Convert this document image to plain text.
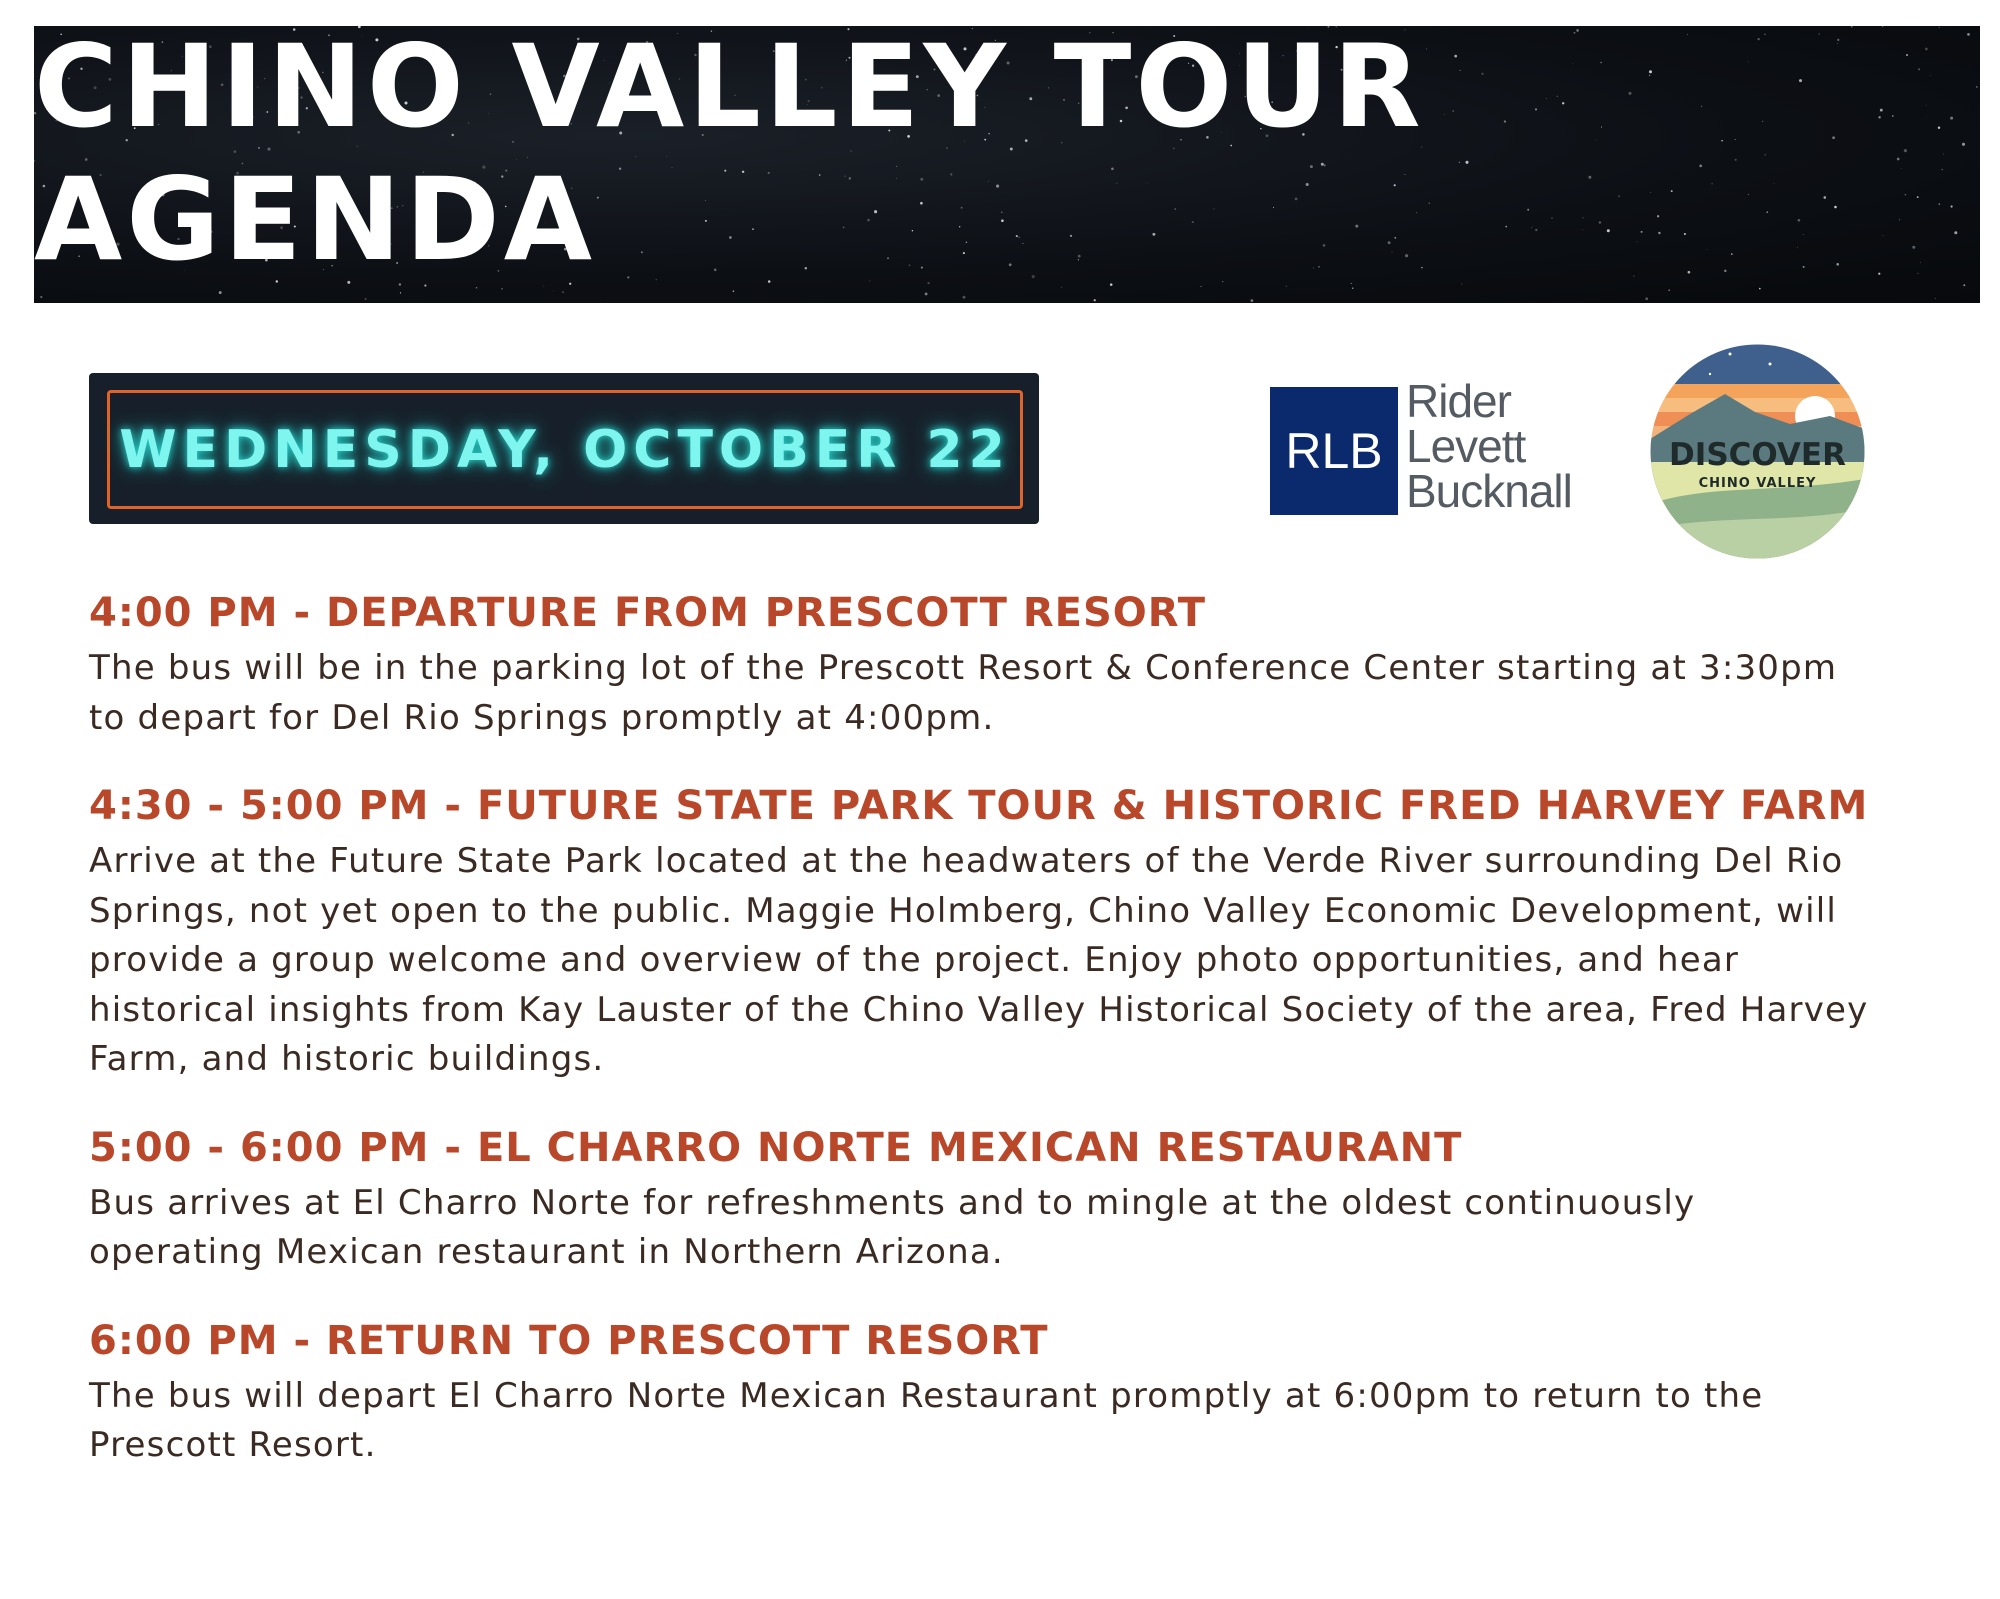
CHINO VALLEY TOUR AGENDA
WEDNESDAY, OCTOBER 22	RLB
Rider
Levett
Bucknall
DISCOVER
CHINO VALLEY
4:00 PM - DEPARTURE FROM PRESCOTT RESORT

The bus will be in the parking lot of the Prescott Resort & Conference Center starting at 3:30pm to depart for Del Rio Springs promptly at 4:00pm.

4:30 - 5:00 PM - FUTURE STATE PARK TOUR & HISTORIC FRED HARVEY FARM

Arrive at the Future State Park located at the headwaters of the Verde River surrounding Del Rio Springs, not yet open to the public. Maggie Holmberg, Chino Valley Economic Development, will provide a group welcome and overview of the project. Enjoy photo opportunities, and hear historical insights from Kay Lauster of the Chino Valley Historical Society of the area, Fred Harvey Farm, and historic buildings.

5:00 - 6:00 PM - EL CHARRO NORTE MEXICAN RESTAURANT

Bus arrives at El Charro Norte for refreshments and to mingle at the oldest continuously operating Mexican restaurant in Northern Arizona.

6:00 PM - RETURN TO PRESCOTT RESORT

The bus will depart El Charro Norte Mexican Restaurant promptly at 6:00pm to return to the Prescott Resort.
